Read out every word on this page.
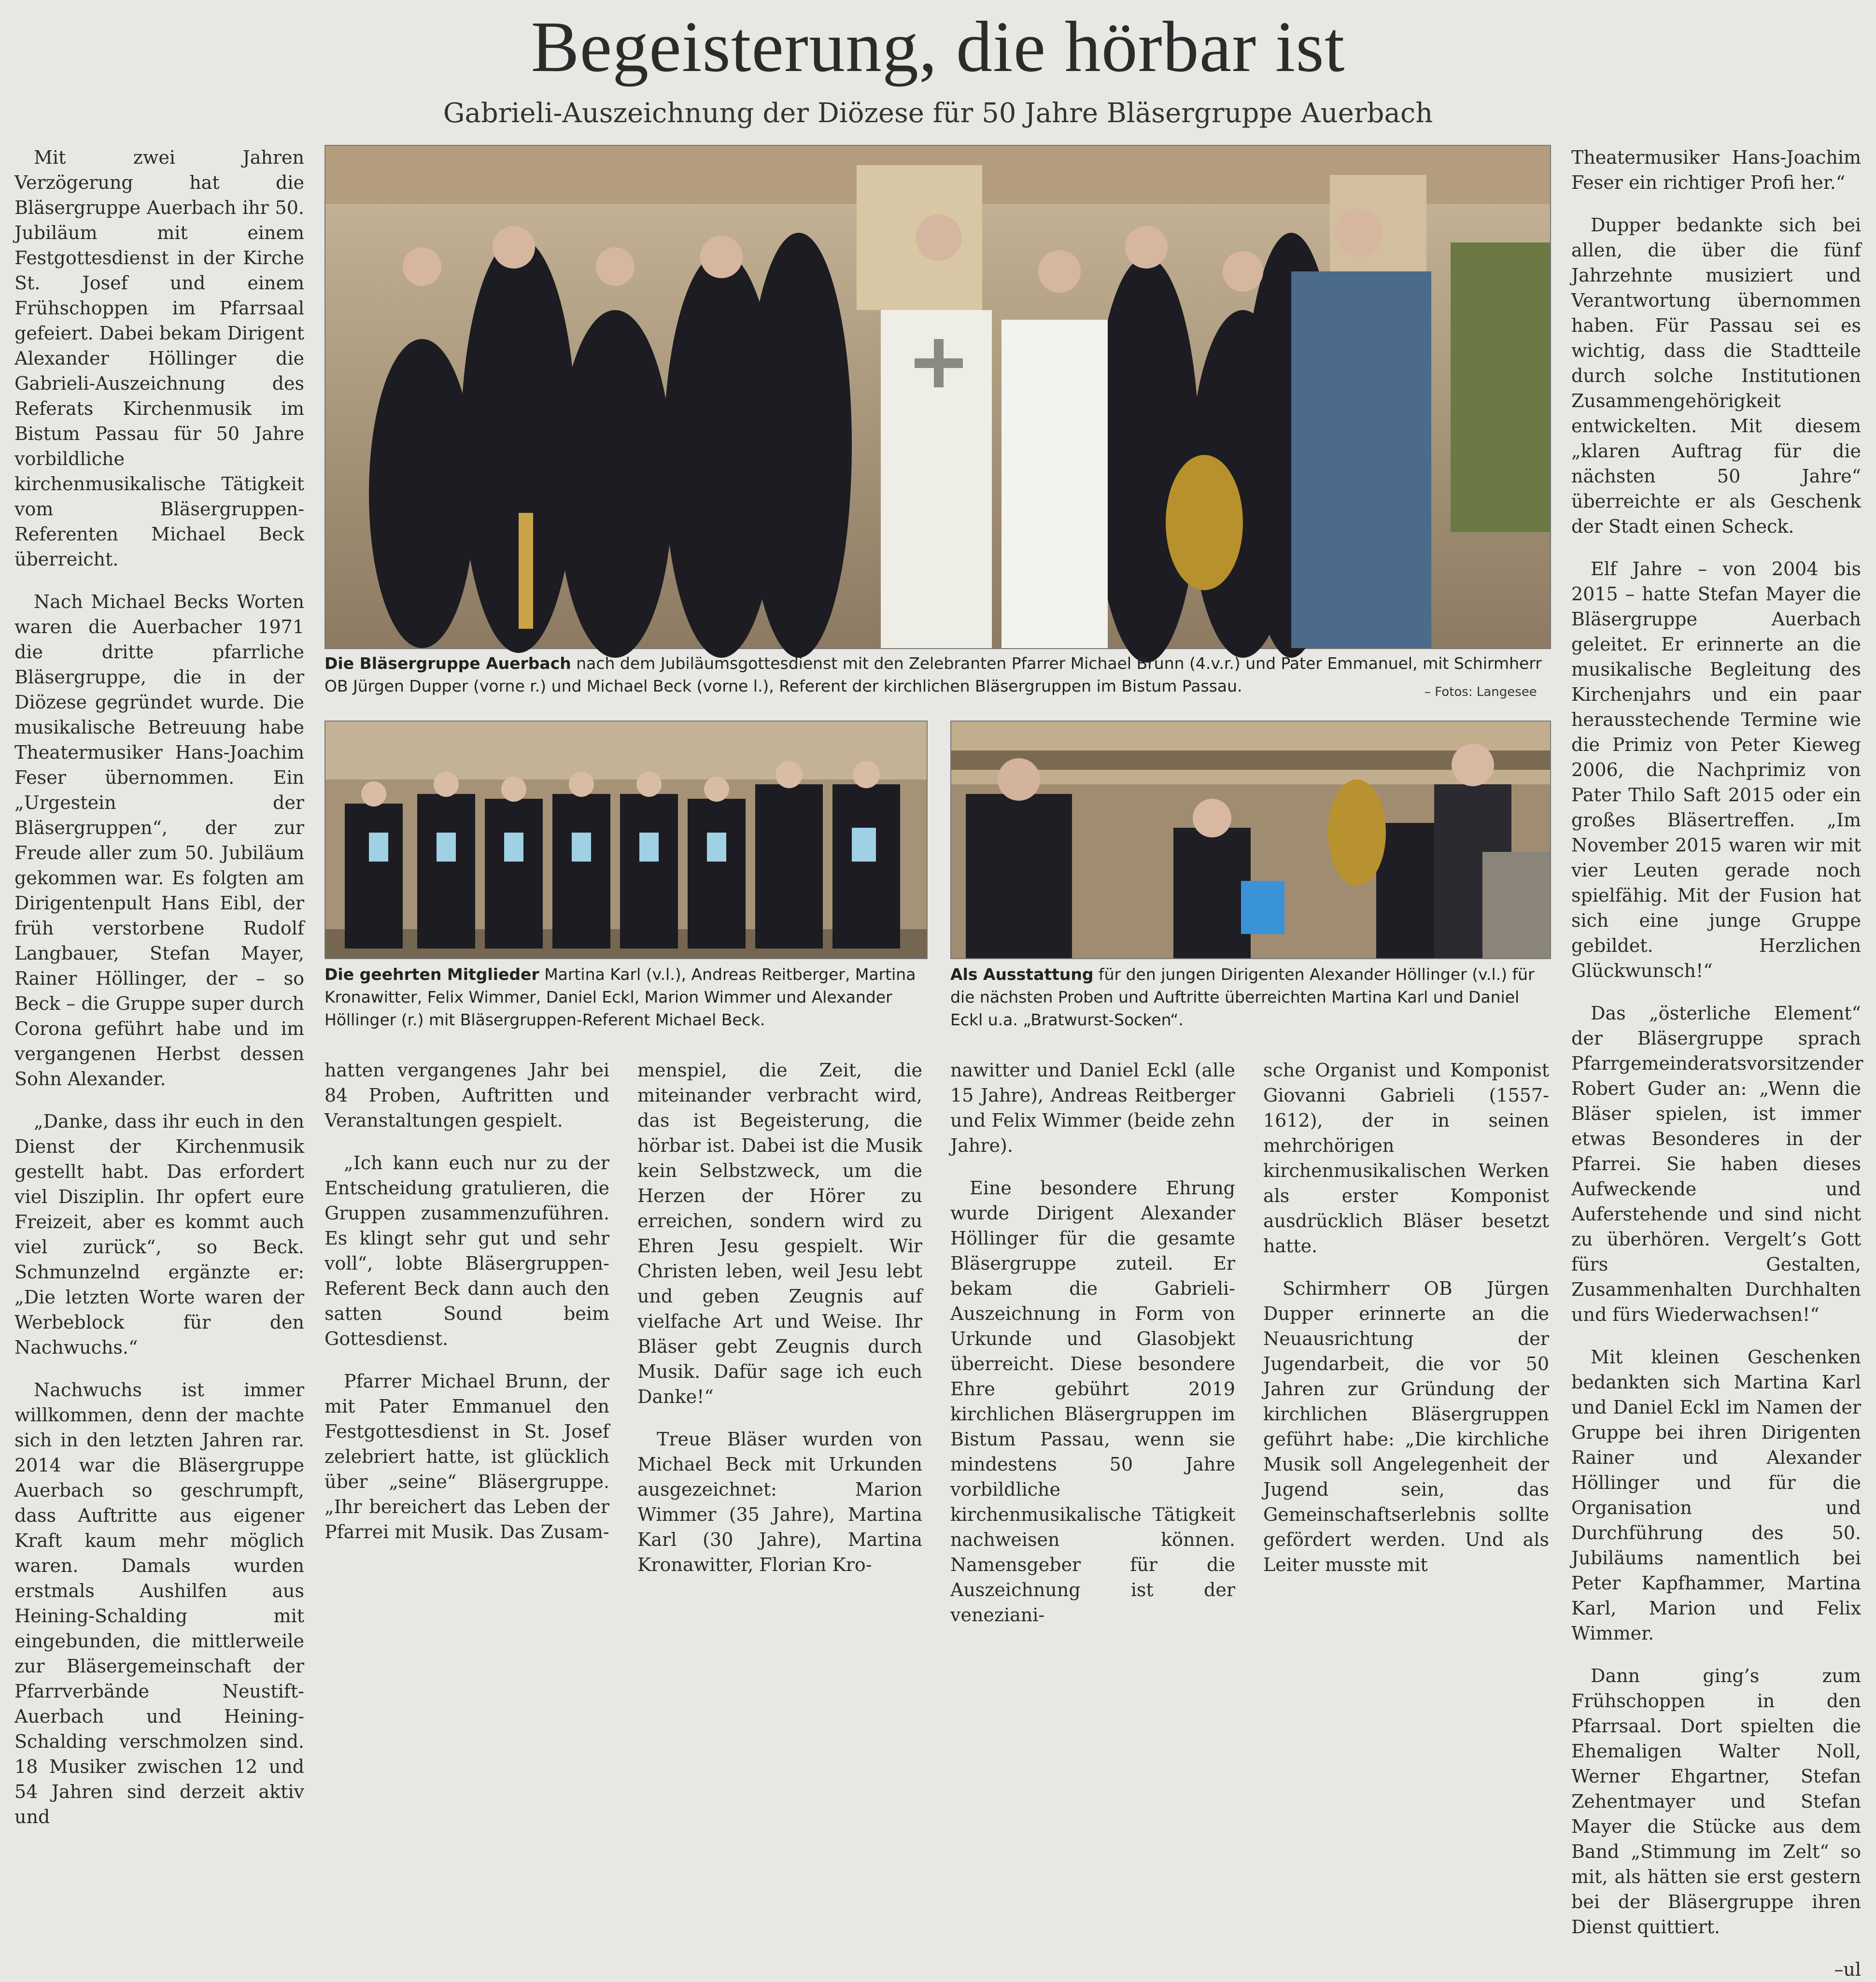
Begeisterung, die hörbar ist
Gabrieli-Auszeichnung der Diözese für 50 Jahre Bläsergruppe Auerbach

Mit zwei Jahren Verzögerung hat die Bläsergruppe Auerbach ihr 50. Jubiläum mit einem Festgottesdienst in der Kirche St. Josef und einem Frühschoppen im Pfarrsaal gefeiert. Dabei bekam Dirigent Alexander Höllinger die Gabrieli-Auszeichnung des Referats Kirchenmusik im Bistum Passau für 50 Jahre vorbildliche kirchenmusikalische Tätigkeit vom Bläsergruppen-Referenten Michael Beck überreicht.

Nach Michael Becks Worten waren die Auerbacher 1971 die dritte pfarrliche Bläsergruppe, die in der Diözese gegründet wurde. Die musikalische Betreuung habe Theatermusiker Hans-Joachim Feser übernommen. Ein „Urgestein der Bläsergruppen“, der zur Freude aller zum 50. Jubiläum gekommen war. Es folgten am Dirigentenpult Hans Eibl, der früh verstorbene Rudolf Langbauer, Stefan Mayer, Rainer Höllinger, der – so Beck – die Gruppe super durch Corona geführt habe und im vergangenen Herbst dessen Sohn Alexander.

„Danke, dass ihr euch in den Dienst der Kirchenmusik gestellt habt. Das erfordert viel Disziplin. Ihr opfert eure Freizeit, aber es kommt auch viel zurück“, so Beck. Schmunzelnd ergänzte er: „Die letzten Worte waren der Werbeblock für den Nachwuchs.“

Nachwuchs ist immer willkommen, denn der machte sich in den letzten Jahren rar. 2014 war die Bläsergruppe Auerbach so geschrumpft, dass Auftritte aus eigener Kraft kaum mehr möglich waren. Damals wurden erstmals Aushilfen aus Heining-Schalding mit eingebunden, die mittlerweile zur Bläsergemeinschaft der Pfarrverbände Neustift-Auerbach und Heining-Schalding verschmolzen sind. 18 Musiker zwischen 12 und 54 Jahren sind derzeit aktiv und

Die Bläsergruppe Auerbach nach dem Jubiläumsgottesdienst mit den Zelebranten Pfarrer Michael Brunn (4.v.r.) und Pater Emmanuel, mit Schirmherr OB Jürgen Dupper (vorne r.) und Michael Beck (vorne l.), Referent der kirchlichen Bläsergruppen im Bistum Passau.	– Fotos: Langesee
Die geehrten Mitglieder Martina Karl (v.l.), Andreas Reitberger, Martina Kronawitter, Felix Wimmer, Daniel Eckl, Marion Wimmer und Alexander Höllinger (r.) mit Bläsergruppen-Referent Michael Beck.
Als Ausstattung für den jungen Dirigenten Alexander Höllinger (v.l.) für die nächsten Proben und Auftritte überreichten Martina Karl und Daniel Eckl u.a. „Bratwurst-Socken“.

hatten vergangenes Jahr bei 84 Proben, Auftritten und Veranstaltungen gespielt.

„Ich kann euch nur zu der Entscheidung gratulieren, die Gruppen zusammenzuführen. Es klingt sehr gut und sehr voll“, lobte Bläsergruppen-Referent Beck dann auch den satten Sound beim Gottesdienst.

Pfarrer Michael Brunn, der mit Pater Emmanuel den Festgottesdienst in St. Josef zelebriert hatte, ist glücklich über „seine“ Bläsergruppe. „Ihr bereichert das Leben der Pfarrei mit Musik. Das Zusam-

menspiel, die Zeit, die miteinander verbracht wird, das ist Begeisterung, die hörbar ist. Dabei ist die Musik kein Selbstzweck, um die Herzen der Hörer zu erreichen, sondern wird zu Ehren Jesu gespielt. Wir Christen leben, weil Jesu lebt und geben Zeugnis auf vielfache Art und Weise. Ihr Bläser gebt Zeugnis durch Musik. Dafür sage ich euch Danke!“

Treue Bläser wurden von Michael Beck mit Urkunden ausgezeichnet: Marion Wimmer (35 Jahre), Martina Karl (30 Jahre), Martina Kronawitter, Florian Kro-

nawitter und Daniel Eckl (alle 15 Jahre), Andreas Reitberger und Felix Wimmer (beide zehn Jahre).

Eine besondere Ehrung wurde Dirigent Alexander Höllinger für die gesamte Bläsergruppe zuteil. Er bekam die Gabrieli-Auszeichnung in Form von Urkunde und Glasobjekt überreicht. Diese besondere Ehre gebührt 2019 kirchlichen Bläsergruppen im Bistum Passau, wenn sie mindestens 50 Jahre vorbildliche kirchenmusikalische Tätigkeit nachweisen können. Namensgeber für die Auszeichnung ist der veneziani-

sche Organist und Komponist Giovanni Gabrieli (1557-1612), der in seinen mehrchörigen kirchenmusikalischen Werken als erster Komponist ausdrücklich Bläser besetzt hatte.

Schirmherr OB Jürgen Dupper erinnerte an die Neuausrichtung der Jugendarbeit, die vor 50 Jahren zur Gründung der kirchlichen Bläsergruppen geführt habe: „Die kirchliche Musik soll Angelegenheit der Jugend sein, das Gemeinschaftserlebnis sollte gefördert werden. Und als Leiter musste mit

Theatermusiker Hans-Joachim Feser ein richtiger Profi her.“

Dupper bedankte sich bei allen, die über die fünf Jahrzehnte musiziert und Verantwortung übernommen haben. Für Passau sei es wichtig, dass die Stadtteile durch solche Institutionen Zusammengehörigkeit entwickelten. Mit diesem „klaren Auftrag für die nächsten 50 Jahre“ überreichte er als Geschenk der Stadt einen Scheck.

Elf Jahre – von 2004 bis 2015 – hatte Stefan Mayer die Bläsergruppe Auerbach geleitet. Er erinnerte an die musikalische Begleitung des Kirchenjahrs und ein paar herausstechende Termine wie die Primiz von Peter Kieweg 2006, die Nachprimiz von Pater Thilo Saft 2015 oder ein großes Bläsertreffen. „Im November 2015 waren wir mit vier Leuten gerade noch spielfähig. Mit der Fusion hat sich eine junge Gruppe gebildet. Herzlichen Glückwunsch!“

Das „österliche Element“ der Bläsergruppe sprach Pfarrgemeinderatsvorsitzender Robert Guder an: „Wenn die Bläser spielen, ist immer etwas Besonderes in der Pfarrei. Sie haben dieses Aufweckende und Auferstehende und sind nicht zu überhören. Vergelt’s Gott fürs Gestalten, Zusammenhalten Durchhalten und fürs Wiederwachsen!“

Mit kleinen Geschenken bedankten sich Martina Karl und Daniel Eckl im Namen der Gruppe bei ihren Dirigenten Rainer und Alexander Höllinger und für die Organisation und Durchführung des 50. Jubiläums namentlich bei Peter Kapfhammer, Martina Karl, Marion und Felix Wimmer.

Dann ging’s zum Frühschoppen in den Pfarrsaal. Dort spielten die Ehemaligen Walter Noll, Werner Ehgartner, Stefan Zehentmayer und Stefan Mayer die Stücke aus dem Band „Stimmung im Zelt“ so mit, als hätten sie erst gestern bei der Bläsergruppe ihren Dienst quittiert.

–ul
